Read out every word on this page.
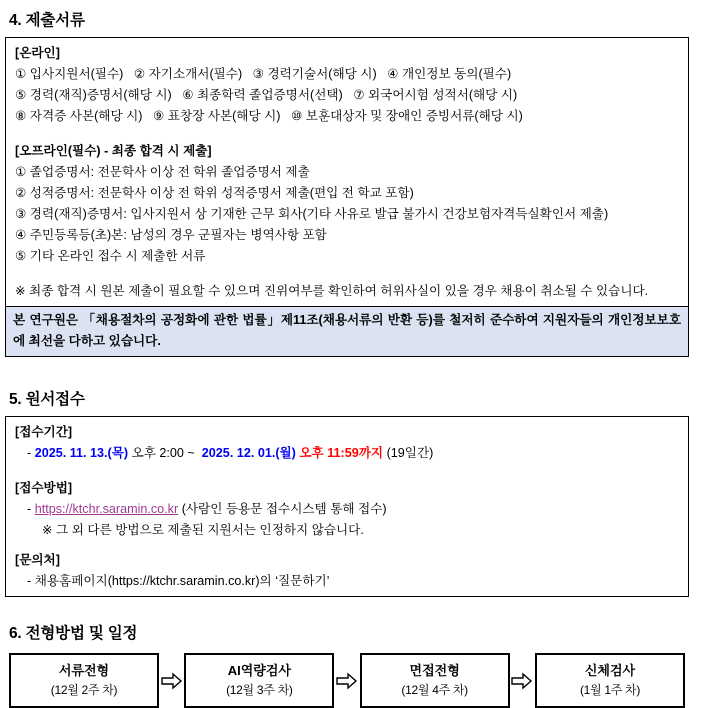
4. 제출서류

[온라인]

① 입사지원서(필수)   ② 자기소개서(필수)   ③ 경력기술서(해당 시)   ④ 개인정보 동의(필수)

⑤ 경력(재직)증명서(해당 시)   ⑥ 최종학력 졸업증명서(선택)   ⑦ 외국어시험 성적서(해당 시)

⑧ 자격증 사본(해당 시)   ⑨ 표창장 사본(해당 시)   ⑩ 보훈대상자 및 장애인 증빙서류(해당 시)

[오프라인(필수) - 최종 합격 시 제출]

① 졸업증명서: 전문학사 이상 전 학위 졸업증명서 제출

② 성적증명서: 전문학사 이상 전 학위 성적증명서 제출(편입 전 학교 포함)

③ 경력(재직)증명서: 입사지원서 상 기재한 근무 회사(기타 사유로 발급 불가시 건강보험자격득실확인서 제출)

④ 주민등록등(초)본: 남성의 경우 군필자는 병역사항 포함

⑤ 기타 온라인 접수 시 제출한 서류

※ 최종 합격 시 원본 제출이 필요할 수 있으며 진위여부를 확인하여 허위사실이 있을 경우 채용이 취소될 수 있습니다.

본 연구원은 「채용절차의 공정화에 관한 법률」제11조(채용서류의 반환 등)를 철저히 준수하여 지원자들의 개인정보보호에 최선을 다하고 있습니다.
5. 원서접수

[접수기간]

- 2025. 11. 13.(목) 오후 2:00 ~ 2025. 12. 01.(월) 오후 11:59까지 (19일간)

[접수방법]

- https://ktchr.saramin.co.kr (사람인 등용문 접수시스템 통해 접수)

※ 그 외 다른 방법으로 제출된 지원서는 인정하지 않습니다.

[문의처]

- 채용홈페이지(https://ktchr.saramin.co.kr)의 ‘질문하기’

6. 전형방법 및 일정
서류전형
(12월 2주 차)
AI역량검사
(12월 3주 차)
면접전형
(12월 4주 차)
신체검사
(1월 1주 차)
